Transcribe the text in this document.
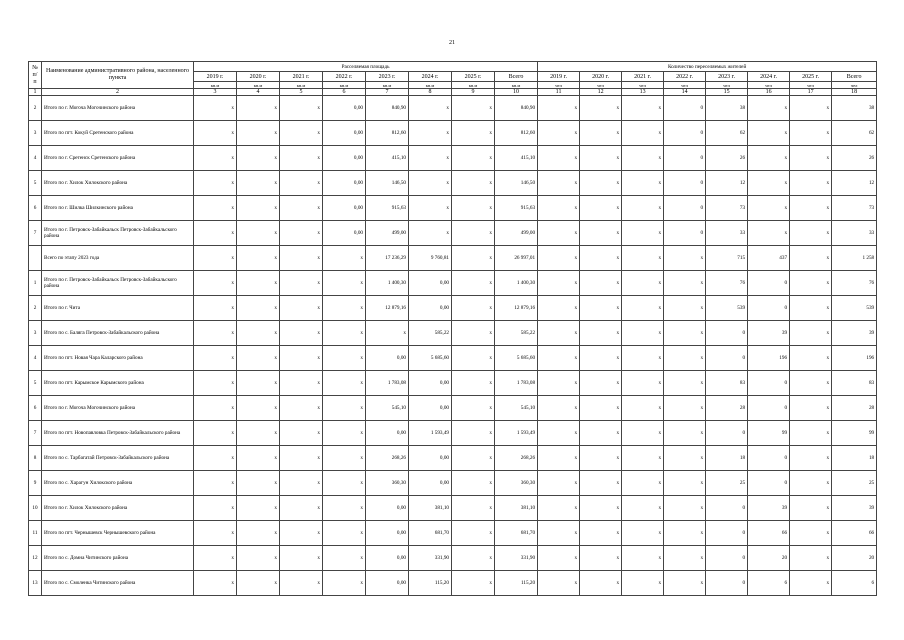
21
№ п/п	Наименование административного района, населенного пункта	Расселяемая площадь								Количество переселяемых жителей							
		2019 г.	2020 г.	2021 г.	2022 г.	2023 г.	2024 г.	2025 г.	Всего	2019 г.	2020 г.	2021 г.	2022 г.	2023 г.	2024 г.	2025 г.	Всего
		кв.м	кв.м	кв.м	кв.м	кв.м	кв.м	кв.м	кв.м	чел	чел	чел	чел	чел	чел	чел	чел
1	2	3	4	5	6	7	8	9	10	11	12	13	14	15	16	17	18
2	Итого по г. Могоча Могочинского района	x	x	x	0,00	840,90	x	x	840,90	x	x	x	0	38	x	x	38
3	Итого по пгт. Кокуй Сретенского района	x	x	x	0,00	812,60	x	x	812,60	x	x	x	0	62	x	x	62
4	Итого по г. Сретенск Сретенского района	x	x	x	0,00	415,10	x	x	415,10	x	x	x	0	26	x	x	26
5	Итого по г. Хилок Хилокского района	x	x	x	0,00	146,50	x	x	146,50	x	x	x	0	12	x	x	12
6	Итого по г. Шилка Шилкинского района	x	x	x	0,00	915,63	x	x	915,63	x	x	x	0	73	x	x	73
7	Итого по г. Петровск-Забайкальск Петровск-Забайкальского района	x	x	x	0,00	499,00	x	x	499,00	x	x	x	0	33	x	x	33
	Всего по этапу 2023 года	x	x	x	x	17 236,29	9 760,81	x	26 997,01	x	x	x	x	715	437	x	1 258
1	Итого по г. Петровск-Забайкальск Петровск-Забайкальского района	x	x	x	x	1 400,30	0,00	x	1 400,30	x	x	x	x	76	0	x	76
2	Итого по г. Чита	x	x	x	x	12 879,16	0,00	x	12 879,16	x	x	x	x	539	0	x	539
3	Итого по с. Баляга Петровск-Забайкальского района	x	x	x	x	x	585,22	x	585,22	x	x	x	x	0	39	x	39
4	Итого по пгт. Новая Чара Каларского района	x	x	x	x	0,00	5 685,60	x	5 685,60	x	x	x	x	0	196	x	196
5	Итого по пгт. Карымское Карымского района	x	x	x	x	1 783,08	0,00	x	1 783,08	x	x	x	x	83	0	x	83
6	Итого по г. Могоча Могочинского района	x	x	x	x	545,10	0,00	x	545,10	x	x	x	x	28	0	x	28
7	Итого по пгт. Новопавловка Петровск-Забайкальского района	x	x	x	x	0,00	1 593,49	x	1 593,49	x	x	x	x	0	99	x	99
8	Итого по с. Тарбагатай Петровск-Забайкальского района	x	x	x	x	268,26	0,00	x	268,26	x	x	x	x	18	0	x	18
9	Итого по с. Харагун Хилокского района	x	x	x	x	360,30	0,00	x	360,30	x	x	x	x	25	0	x	25
10	Итого по г. Хилок Хилокского района	x	x	x	x	0,00	381,10	x	381,10	x	x	x	x	0	39	x	39
11	Итого по пгт. Чернышевск Чернышевского района	x	x	x	x	0,00	681,70	x	681,70	x	x	x	x	0	66	x	66
12	Итого по с. Домна Читинского района	x	x	x	x	0,00	331,90	x	331,90	x	x	x	x	0	20	x	20
13	Итого по с. Смоленка Читинского района	x	x	x	x	0,00	115,20	x	115,20	x	x	x	x	0	6	x	6
